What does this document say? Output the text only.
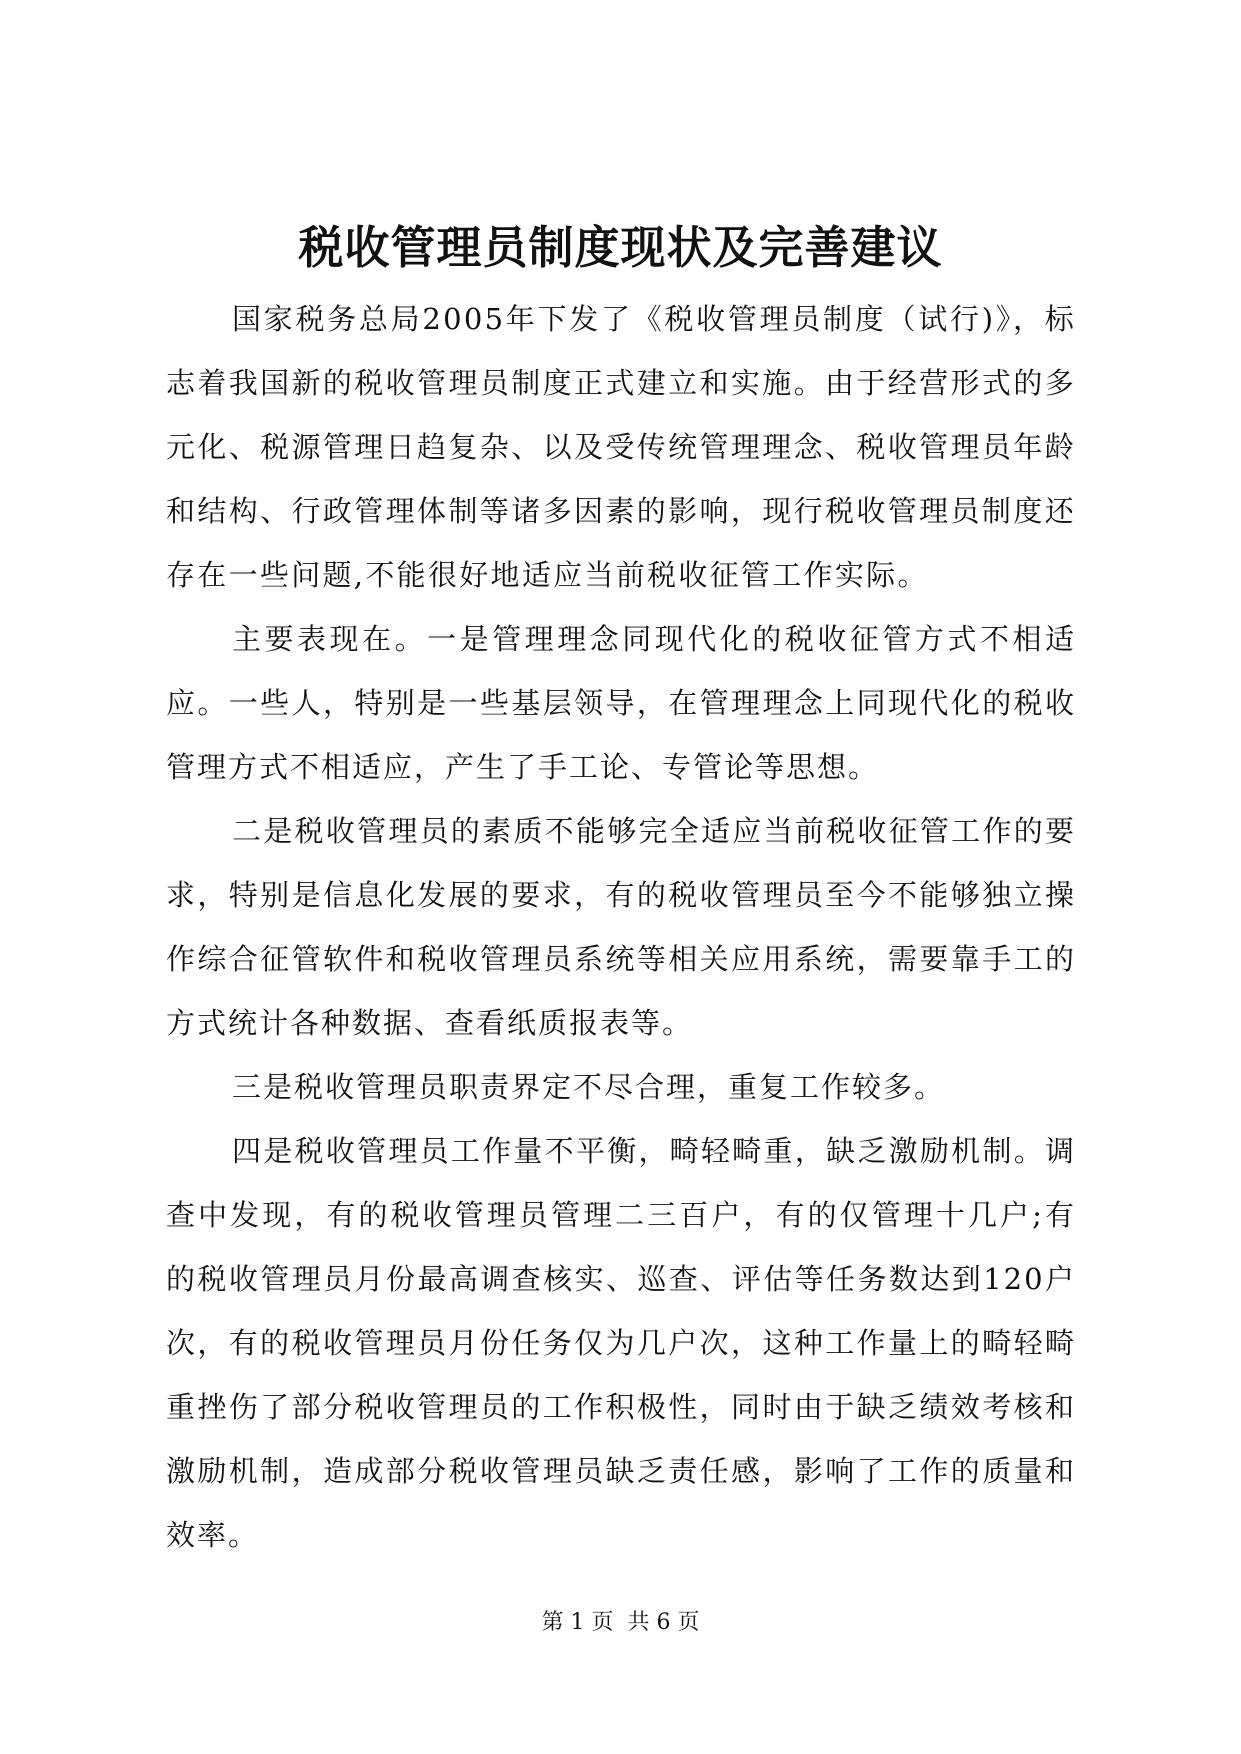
税收管理员制度现状及完善建议

国家税务总局2005年下发了《税收管理员制度（试行)》，标志着我国新的税收管理员制度正式建立和实施。由于经营形式的多元化、税源管理日趋复杂、以及受传统管理理念、税收管理员年龄和结构、行政管理体制等诸多因素的影响，现行税收管理员制度还存在一些问题,不能很好地适应当前税收征管工作实际。

主要表现在。一是管理理念同现代化的税收征管方式不相适应。一些人，特别是一些基层领导，在管理理念上同现代化的税收管理方式不相适应，产生了手工论、专管论等思想。

二是税收管理员的素质不能够完全适应当前税收征管工作的要求，特别是信息化发展的要求，有的税收管理员至今不能够独立操作综合征管软件和税收管理员系统等相关应用系统，需要靠手工的方式统计各种数据、查看纸质报表等。

三是税收管理员职责界定不尽合理，重复工作较多。

四是税收管理员工作量不平衡，畸轻畸重，缺乏激励机制。调查中发现，有的税收管理员管理二三百户，有的仅管理十几户;有的税收管理员月份最高调查核实、巡查、评估等任务数达到120户次，有的税收管理员月份任务仅为几户次，这种工作量上的畸轻畸重挫伤了部分税收管理员的工作积极性，同时由于缺乏绩效考核和激励机制，造成部分税收管理员缺乏责任感，影响了工作的质量和效率。

第 1 页  共 6 页
